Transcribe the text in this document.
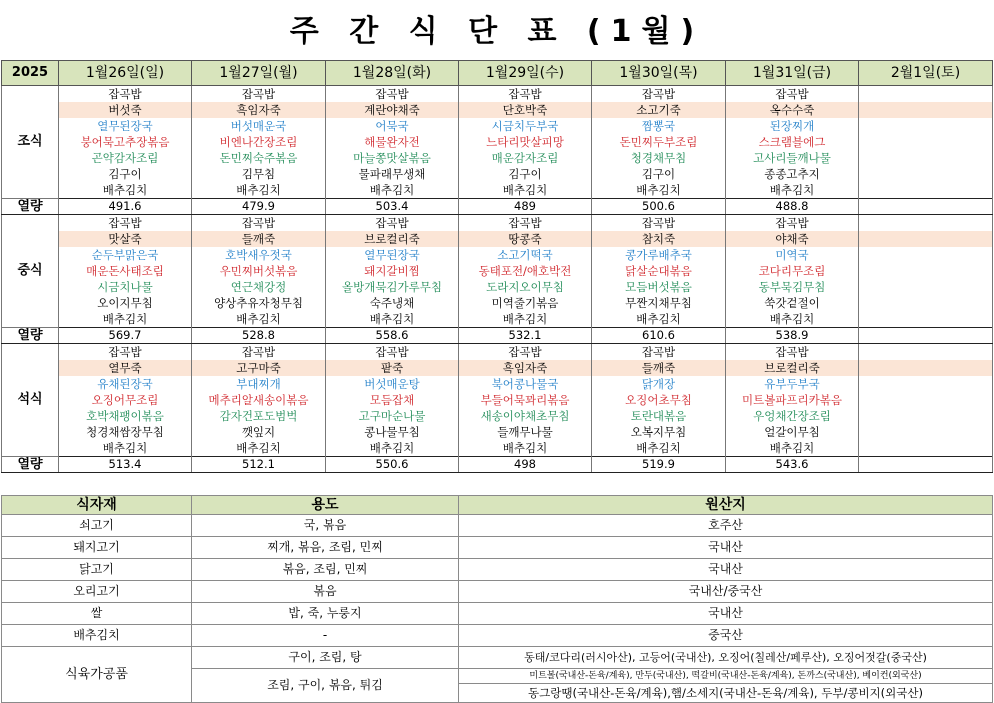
주 간 식 단 표 (1월)
2025	1월26일(일)	1월27일(월)	1월28일(화)	1월29일(수)	1월30일(목)	1월31일(금)	2월1일(토)
조식	잡곡밥	잡곡밥	잡곡밥	잡곡밥	잡곡밥	잡곡밥	
	버섯죽	흑임자죽	계란야채죽	단호박죽	소고기죽	옥수수죽	
	열무된장국	버섯매운국	어묵국	시금치두부국	짬뽕국	된장찌개	
	붕어묵고추장볶음	비엔나간장조림	해물완자전	느타리맛살피망	돈민찌두부조림	스크램블에그	
	곤약감자조림	돈민찌숙주볶음	마늘쫑맛살볶음	매운감자조림	청경채무침	고사리들깨나물	
	김구이	김무침	물파래무생채	김구이	김구이	종종고추지	
	배추김치	배추김치	배추김치	배추김치	배추김치	배추김치	
열량	491.6	479.9	503.4	489	500.6	488.8	
중식	잡곡밥	잡곡밥	잡곡밥	잡곡밥	잡곡밥	잡곡밥	
	맛살죽	들깨죽	브로컬리죽	땅콩죽	참치죽	야채죽	
	순두부맑은국	호박새우젓국	열무된장국	소고기떡국	콩가루배추국	미역국	
	매운돈사태조림	우민찌버섯볶음	돼지갈비찜	동태포전/애호박전	닭살순대볶음	코다리무조림	
	시금치나물	연근채강정	올방개묵김가루무침	도라지오이무침	모듬버섯볶음	동부묵김무침	
	오이지무침	양상추유자청무침	숙주냉채	미역줄기볶음	무짠지채무침	쑥갓겉절이	
	배추김치	배추김치	배추김치	배추김치	배추김치	배추김치	
열량	569.7	528.8	558.6	532.1	610.6	538.9	
석식	잡곡밥	잡곡밥	잡곡밥	잡곡밥	잡곡밥	잡곡밥	
	열무죽	고구마죽	팥죽	흑임자죽	들깨죽	브로컬리죽	
	유채된장국	부대찌개	버섯매운탕	북어콩나물국	닭개장	유부두부국	
	오징어무조림	메추리알새송이볶음	모듬잡채	부들어묵꽈리볶음	오징어초무침	미트볼파프리카볶음	
	호박채팽이볶음	감자건포도범벅	고구마순나물	새송이야채초무침	토란대볶음	우엉채간장조림	
	청경채쌈장무침	깻잎지	콩나물무침	들깨무나물	오복지무침	얼갈이무침	
	배추김치	배추김치	배추김치	배추김치	배추김치	배추김치	
열량	513.4	512.1	550.6	498	519.9	543.6	
식자재	용도	원산지
쇠고기	국, 볶음	호주산
돼지고기	찌개, 볶음, 조림, 민찌	국내산
닭고기	볶음, 조림, 민찌	국내산
오리고기	볶음	국내산/중국산
쌀	밥, 죽, 누룽지	국내산
배추김치	-	중국산
식육가공품	구이, 조림, 탕	동태/코다리(러시아산), 고등어(국내산), 오징어(칠레산/페루산), 오징어젓갈(중국산)
	조림, 구이, 볶음, 튀김	미트볼(국내산-돈육/계육), 만두(국내산), 떡갈비(국내산-돈육/계육), 돈까스(국내산), 베이컨(외국산)
		동그랑땡(국내산-돈육/계육),햄/소세지(국내산-돈육/계육), 두부/콩비지(외국산)
